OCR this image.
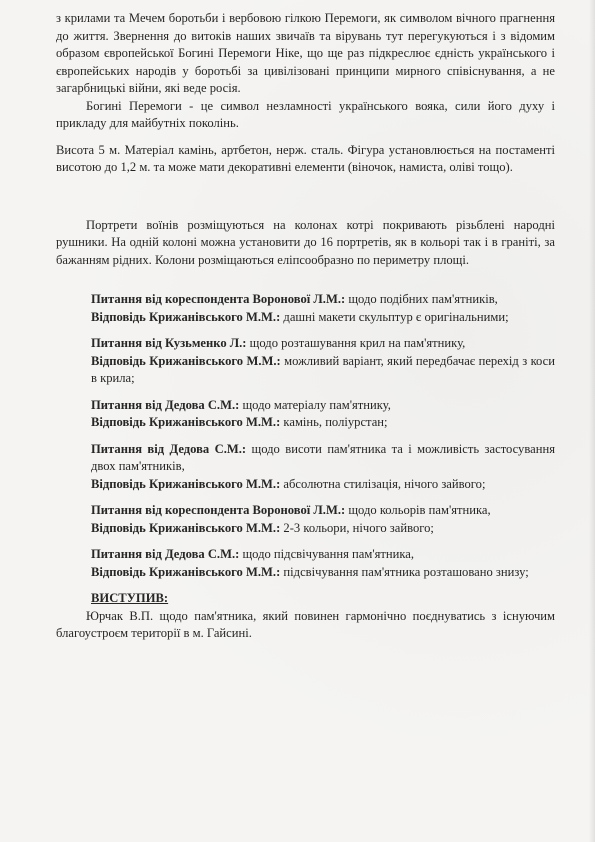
з крилами та Мечем боротьби і вербовою гілкою Перемоги, як символом вічного прагнення до життя. Звернення до витоків наших звичаїв та вірувань тут перегукуються і з відомим образом європейської Богині Перемоги Ніке, що ще раз підкреслює єдність українського і європейських народів у боротьбі за цивілізовані принципи мирного співіснування, а не загарбницькі війни, які веде росія.

Богині Перемоги - це символ незламності українського вояка, сили його духу і прикладу для майбутніх поколінь.

Висота 5 м. Матеріал камінь, артбетон, нерж. сталь. Фігура установлюється на постаменті висотою до 1,2 м. та може мати декоративні елементи (віночок, намиста, оліві тощо).

Портрети воїнів розміщуються на колонах котрі покривають різьблені народні рушники. На одній колоні можна установити до 16 портретів, як в кольорі так і в граніті, за бажанням рідних. Колони розміщаються еліпсообразно по периметру площі.

Питання від кореспондента Воронової Л.М.: щодо подібних пам'ятників,

Відповідь Крижанівського М.М.: дашні макети скульптур є оригінальними;

Питання від Кузьменко Л.: щодо розташування крил на пам'ятнику,

Відповідь Крижанівського М.М.: можливий варіант, який передбачає перехід з коси в крила;

Питання від Дедова С.М.: щодо матеріалу пам'ятнику,

Відповідь Крижанівського М.М.: камінь, поліурстан;

Питання від Дедова С.М.: щодо висоти пам'ятника та і можливість застосування двох пам'ятників,

Відповідь Крижанівського М.М.: абсолютна стилізація, нічого зайвого;

Питання від кореспондента Воронової Л.М.: щодо кольорів пам'ятника,

Відповідь Крижанівського М.М.: 2-3 кольори, нічого зайвого;

Питання від Дедова С.М.: щодо підсвічування пам'ятника,

Відповідь Крижанівського М.М.: підсвічування пам'ятника розташовано знизу;

ВИСТУПИВ:

Юрчак В.П. щодо пам'ятника, який повинен гармонічно поєднуватись з існуючим благоустроєм території в м. Гайсині.
